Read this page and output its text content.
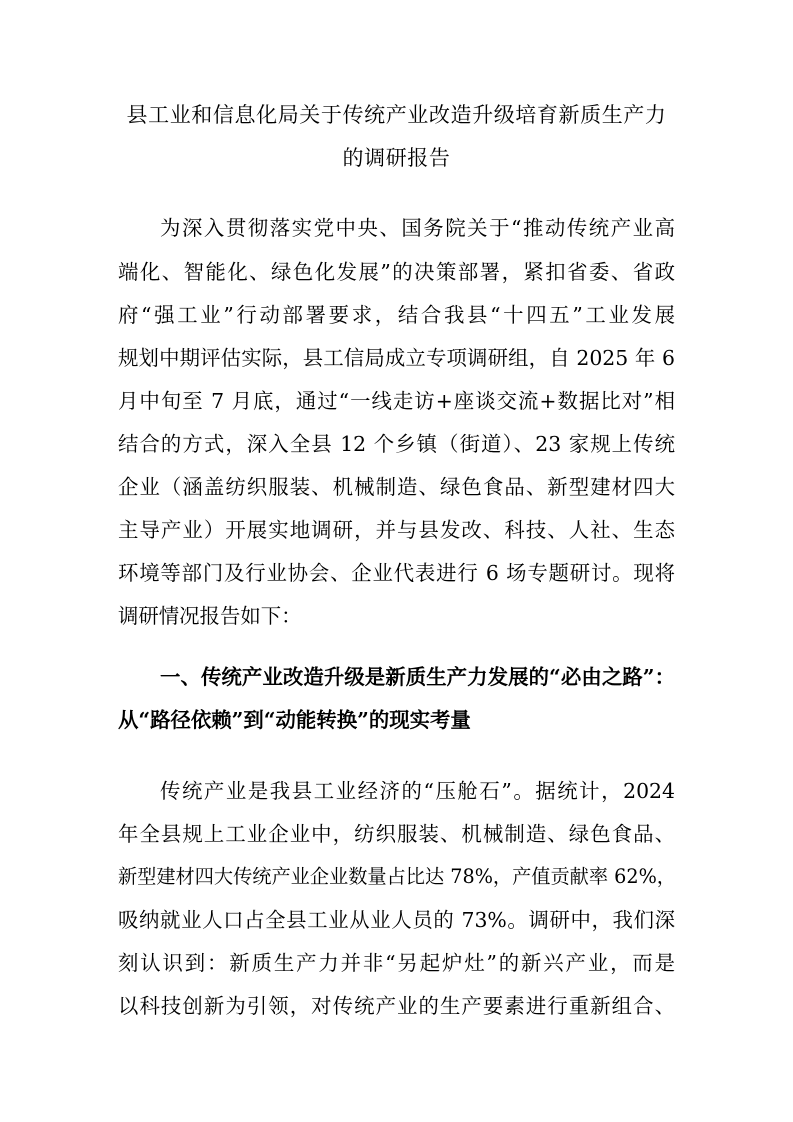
县工业和信息化局关于传统产业改造升级培育新质生产力
的调研报告
为深入贯彻落实党中央、国务院关于“推动传统产业高
端化、智能化、绿色化发展”的决策部署，紧扣省委、省政
府“强工业”行动部署要求，结合我县“十四五”工业发展
规划中期评估实际，县工信局成立专项调研组，自 2025 年 6
月中旬至 7 月底，通过“一线走访+座谈交流+数据比对”相
结合的方式，深入全县 12 个乡镇（街道）、23 家规上传统
企业（涵盖纺织服装、机械制造、绿色食品、新型建材四大
主导产业）开展实地调研，并与县发改、科技、人社、生态
环境等部门及行业协会、企业代表进行 6 场专题研讨。现将
调研情况报告如下：
一、传统产业改造升级是新质生产力发展的“必由之路”：
从“路径依赖”到“动能转换”的现实考量
传统产业是我县工业经济的“压舱石”。据统计，2024
年全县规上工业企业中，纺织服装、机械制造、绿色食品、
新型建材四大传统产业企业数量占比达 78%，产值贡献率 62%，
吸纳就业人口占全县工业从业人员的 73%。调研中，我们深
刻认识到：新质生产力并非“另起炉灶”的新兴产业，而是
以科技创新为引领，对传统产业的生产要素进行重新组合、
